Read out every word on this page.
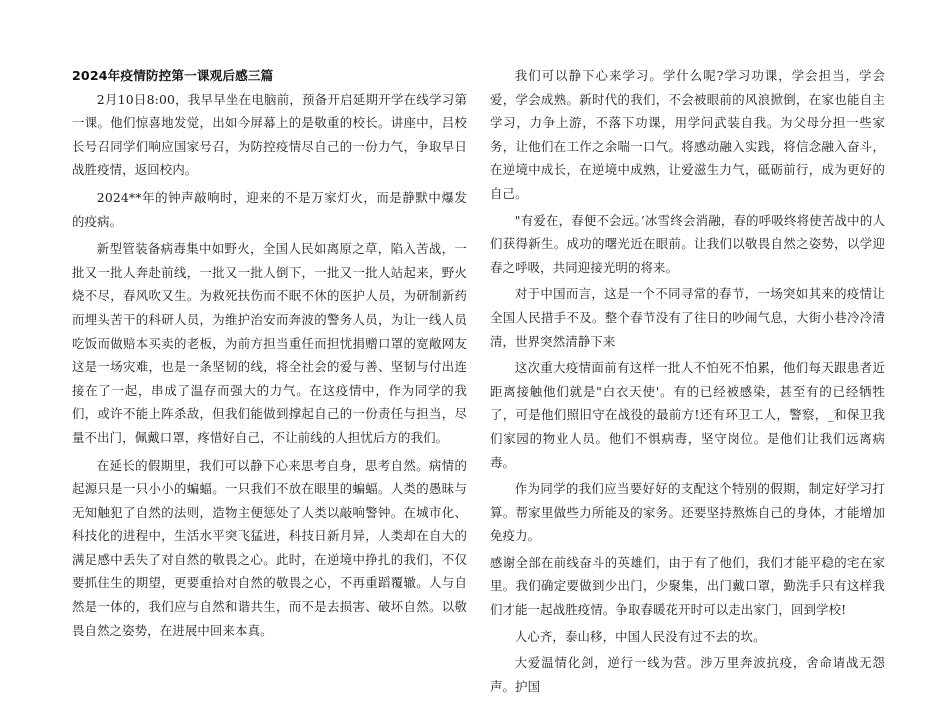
2024年疫情防控第一课观后感三篇

2月10日8:00，我早早坐在电脑前，预备开启延期开学在线学习第一课。他们惊喜地发觉，出如今屏幕上的是敬重的校长。讲座中，吕校长号召同学们响应国家号召，为防控疫情尽自己的一份力气，争取早日战胜疫情，返回校内。

2024**年的钟声敲响时，迎来的不是万家灯火，而是静默中爆发的疫病。

新型管装备病毒集中如野火，全国人民如离原之草，陷入苦战，一批又一批人奔赴前线，一批又一批人倒下，一批又一批人站起来，野火烧不尽，春风吹又生。为救死扶伤而不眠不休的医护人员，为研制新药而埋头苦干的科研人员，为维护治安而奔波的警务人员，为让一线人员吃饭而做赔本买卖的老板，为前方担当重任而担忧捐赠口罩的宽敞网友这是一场灾难，也是一条坚韧的线，将全社会的爱与善、坚韧与付出连接在了一起，串成了温存而强大的力气。在这疫情中，作为同学的我们，或许不能上阵杀敌，但我们能做到撑起自己的一份责任与担当，尽量不出门，佩戴口罩，疼惜好自己，不让前线的人担忧后方的我们。

在延长的假期里，我们可以静下心来思考自身，思考自然。病情的起源只是一只小小的蝙蝠。一只我们不放在眼里的蝙蝠。人类的愚昧与无知触犯了自然的法则，造物主便惩处了人类以敲响警钟。在城市化、科技化的进程中，生活水平突飞猛进，科技日新月异，人类却在自大的满足感中丢失了对自然的敬畏之心。此时，在逆境中挣扎的我们，不仅要抓住生的期望，更要重拾对自然的敬畏之心，不再重蹈覆辙。人与自然是一体的，我们应与自然和谐共生，而不是去损害、破坏自然。以敬畏自然之姿势，在进展中回来本真。

我们可以静下心来学习。学什么呢?学习功课，学会担当，学会爱，学会成熟。新时代的我们，不会被眼前的风浪掀倒，在家也能自主学习，力争上游，不落下功课，用学问武装自我。为父母分担一些家务，让他们在工作之余喘一口气。将感动融入实践，将信念融入奋斗，在逆境中成长，在逆境中成熟，让爱滋生力气，砥砺前行，成为更好的自己。

"有爱在，春便不会远。’冰雪终会消融，春的呼吸终将使苦战中的人们获得新生。成功的曙光近在眼前。让我们以敬畏自然之姿势，以学迎春之呼吸，共同迎接光明的将来。

对于中国而言，这是一个不同寻常的春节，一场突如其来的疫情让全国人民措手不及。整个春节没有了往日的吵闹气息，大街小巷冷冷清清，世界突然清静下来

这次重大疫情面前有这样一批人不怕死不怕累，他们每天跟患者近距离接触他们就是"白衣天使'。有的已经被感染，甚至有的已经牺牲了，可是他们照旧守在战役的最前方!还有环卫工人，警察，_和保卫我们家园的物业人员。他们不惧病毒，坚守岗位。是他们让我们远离病毒。

作为同学的我们应当要好好的支配这个特别的假期，制定好学习打算。帮家里做些力所能及的家务。还要坚持熬炼自己的身体，才能增加免疫力。

感谢全部在前线奋斗的英雄们，由于有了他们，我们才能平稳的宅在家里。我们确定要做到少出门，少聚集，出门戴口罩，勤洗手只有这样我们才能一起战胜疫情。争取春暖花开时可以走出家门，回到学校!

人心齐，泰山移，中国人民没有过不去的坎。

大爱温情化剑，逆行一线为营。涉万里奔波抗疫，舍命请战无怨声。护国
